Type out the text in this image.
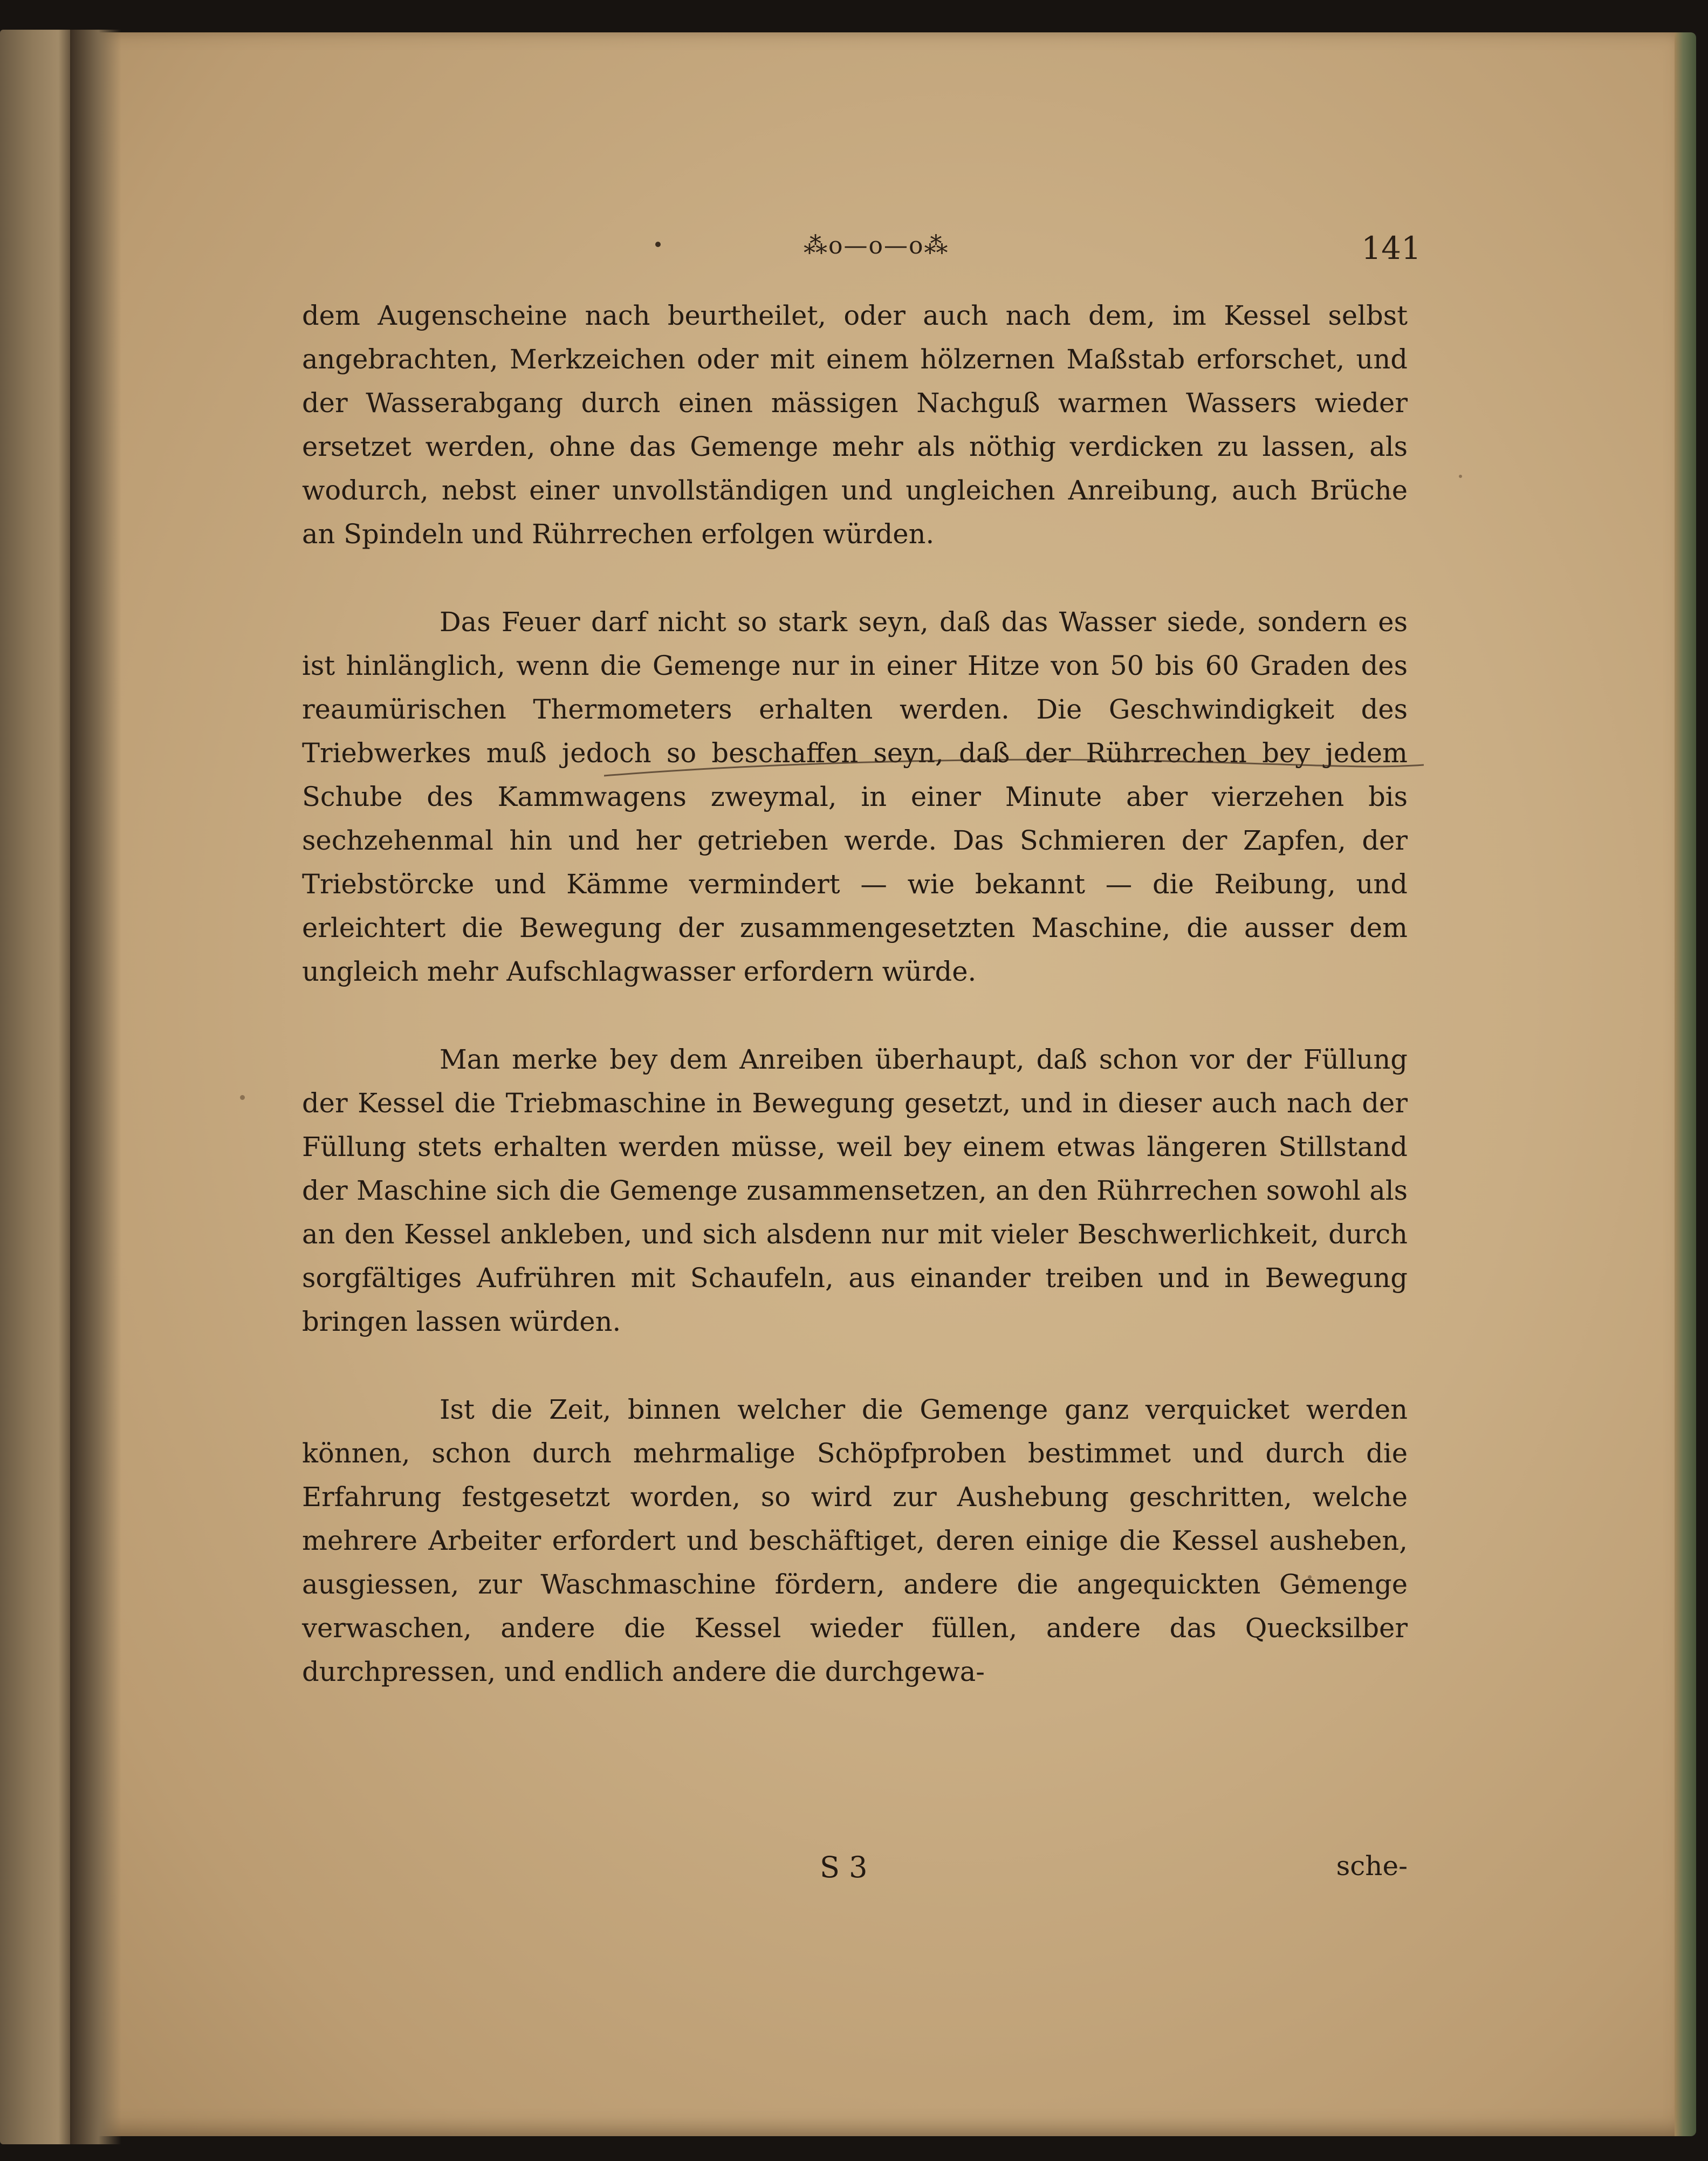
⁂o—o—o⁂	141

dem Augenscheine nach beurtheilet, oder auch nach dem, im Kessel selbst angebrachten, Merkzeichen oder mit einem hölzernen Maßstab erforschet, und der Wasserabgang durch einen mässigen Nachguß warmen Wassers wieder ersetzet werden, ohne das Gemenge mehr als nöthig verdicken zu lassen, als wodurch, nebst einer unvollständigen und ungleichen Anreibung, auch Brüche an Spindeln und Rührrechen erfolgen würden.

Das Feuer darf nicht so stark seyn, daß das Wasser siede, sondern es ist hinlänglich, wenn die Gemenge nur in einer Hitze von 50 bis 60 Graden des reaumürischen Thermometers erhalten werden. Die Geschwindigkeit des Triebwerkes muß jedoch so beschaffen seyn, daß der Rührrechen bey jedem Schube des Kammwagens zweymal, in einer Minute aber vierzehen bis sechzehenmal hin und her getrieben werde. Das Schmieren der Zapfen, der Triebstörcke und Kämme vermindert — wie bekannt — die Reibung, und erleichtert die Bewegung der zusammengesetzten Maschine, die ausser dem ungleich mehr Aufschlagwasser erfordern würde.

Man merke bey dem Anreiben überhaupt, daß schon vor der Füllung der Kessel die Triebmaschine in Bewegung gesetzt, und in dieser auch nach der Füllung stets erhalten werden müsse, weil bey einem etwas längeren Stillstand der Maschine sich die Gemenge zusammensetzen, an den Rührrechen sowohl als an den Kessel ankleben, und sich alsdenn nur mit vieler Beschwerlichkeit, durch sorgfältiges Aufrühren mit Schaufeln, aus einander treiben und in Bewegung bringen lassen würden.

Ist die Zeit, binnen welcher die Gemenge ganz verquicket werden können, schon durch mehrmalige Schöpfproben bestimmet und durch die Erfahrung festgesetzt worden, so wird zur Aushebung geschritten, welche mehrere Arbeiter erfordert und beschäftiget, deren einige die Kessel ausheben, ausgiessen, zur Waschmaschine fördern, andere die angequickten Gemenge verwaschen, andere die Kessel wieder füllen, andere das Quecksilber durchpressen, und endlich andere die durchgewa-

S 3	sche-
